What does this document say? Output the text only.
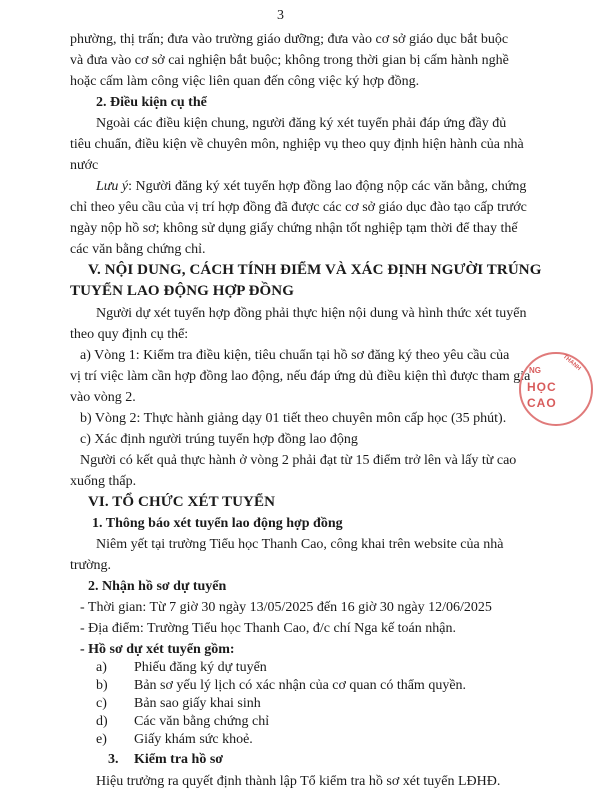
3
phường, thị trấn; đưa vào trường giáo dưỡng; đưa vào cơ sở giáo dục bắt buộc
và đưa vào cơ sở cai nghiện bắt buộc; không trong thời gian bị cấm hành nghề
hoặc cấm làm công việc liên quan đến công việc ký hợp đồng.
2. Điều kiện cụ thể
Ngoài các điều kiện chung, người đăng ký xét tuyển phải đáp ứng đầy đủ
tiêu chuẩn, điều kiện về chuyên môn, nghiệp vụ theo quy định hiện hành của nhà
nước
Lưu ý: Người đăng ký xét tuyển hợp đồng lao động nộp các văn bằng, chứng
chỉ theo yêu cầu của vị trí hợp đồng đã được các cơ sở giáo dục đào tạo cấp trước
ngày nộp hồ sơ; không sử dụng giấy chứng nhận tốt nghiệp tạm thời để thay thế
các văn bằng chứng chỉ.
V. NỘI DUNG, CÁCH TÍNH ĐIỂM VÀ XÁC ĐỊNH NGƯỜI TRÚNG
TUYỂN LAO ĐỘNG HỢP ĐỒNG
Người dự xét tuyển hợp đồng phải thực hiện nội dung và hình thức xét tuyển
theo quy định cụ thể:
a) Vòng 1: Kiểm tra điều kiện, tiêu chuẩn tại hồ sơ đăng ký theo yêu cầu của
vị trí việc làm cần hợp đồng lao động, nếu đáp ứng dủ điều kiện thì được tham gia
vào vòng 2.
b) Vòng 2: Thực hành giảng dạy 01 tiết theo chuyên môn cấp học (35 phút).
c) Xác định người trúng tuyển hợp đồng lao động
Người có kết quả thực hành ở vòng 2 phải đạt từ 15 điểm trở lên và lấy từ cao
xuống thấp.
VI. TỔ CHỨC XÉT TUYỂN
1. Thông báo xét tuyển lao động hợp đồng
Niêm yết tại trường Tiểu học Thanh Cao, công khai trên website của nhà
trường.
2. Nhận hồ sơ dự tuyển
- Thời gian: Từ 7 giờ 30 ngày 13/05/2025 đến 16 giờ 30 ngày 12/06/2025
- Địa điểm: Trường Tiểu học Thanh Cao, đ/c chí Nga kế toán nhận.
- Hồ sơ dự xét tuyển gồm:
a) Phiếu đăng ký dự tuyển
b) Bản sơ yếu lý lịch có xác nhận của cơ quan có thẩm quyền.
c) Bản sao giấy khai sinh
d) Các văn bằng chứng chỉ
e) Giấy khám sức khoẻ.
3. Kiểm tra hồ sơ
Hiệu trưởng ra quyết định thành lập Tổ kiểm tra hồ sơ xét tuyển LĐHĐ.
THANH
NG
HỌC
CAO
